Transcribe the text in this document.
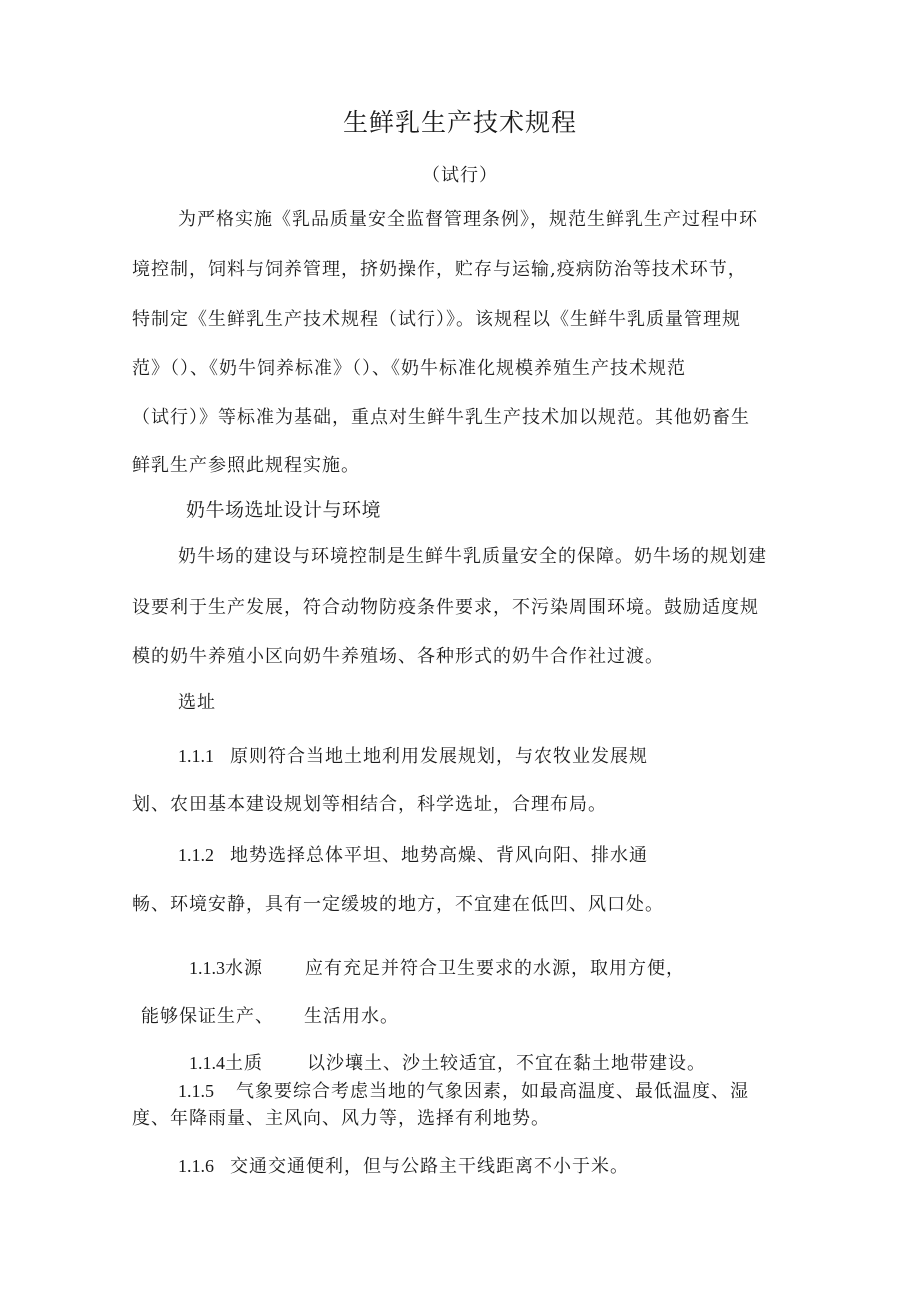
生鲜乳生产技术规程
（试行）
为严格实施《乳品质量安全监督管理条例》，规范生鲜乳生产过程中环
境控制，饲料与饲养管理，挤奶操作，贮存与运输,疫病防治等技术环节，
特制定《生鲜乳生产技术规程（试行）》。该规程以《生鲜牛乳质量管理规
范》（）、《奶牛饲养标准》（）、《奶牛标准化规模养殖生产技术规范
（试行）》等标准为基础，重点对生鲜牛乳生产技术加以规范。其他奶畜生
鲜乳生产参照此规程实施。
奶牛场选址设计与环境
奶牛场的建设与环境控制是生鲜牛乳质量安全的保障。奶牛场的规划建
设要利于生产发展，符合动物防疫条件要求，不污染周围环境。鼓励适度规
模的奶牛养殖小区向奶牛养殖场、各种形式的奶牛合作社过渡。
选址
1.1.1 原则符合当地土地利用发展规划，与农牧业发展规
划、农田基本建设规划等相结合，科学选址，合理布局。
1.1.2 地势选择总体平坦、地势高燥、背风向阳、排水通
畅、环境安静，具有一定缓坡的地方，不宜建在低凹、风口处。
1.1.3水源 应有充足并符合卫生要求的水源，取用方便，
能够保证生产、 生活用水。
1.1.4土质 以沙壤土、沙土较适宜，不宜在黏土地带建设。
1.1.5 气象要综合考虑当地的气象因素，如最高温度、最低温度、湿
度、年降雨量、主风向、风力等，选择有利地势。
1.1.6 交通交通便利，但与公路主干线距离不小于米。
